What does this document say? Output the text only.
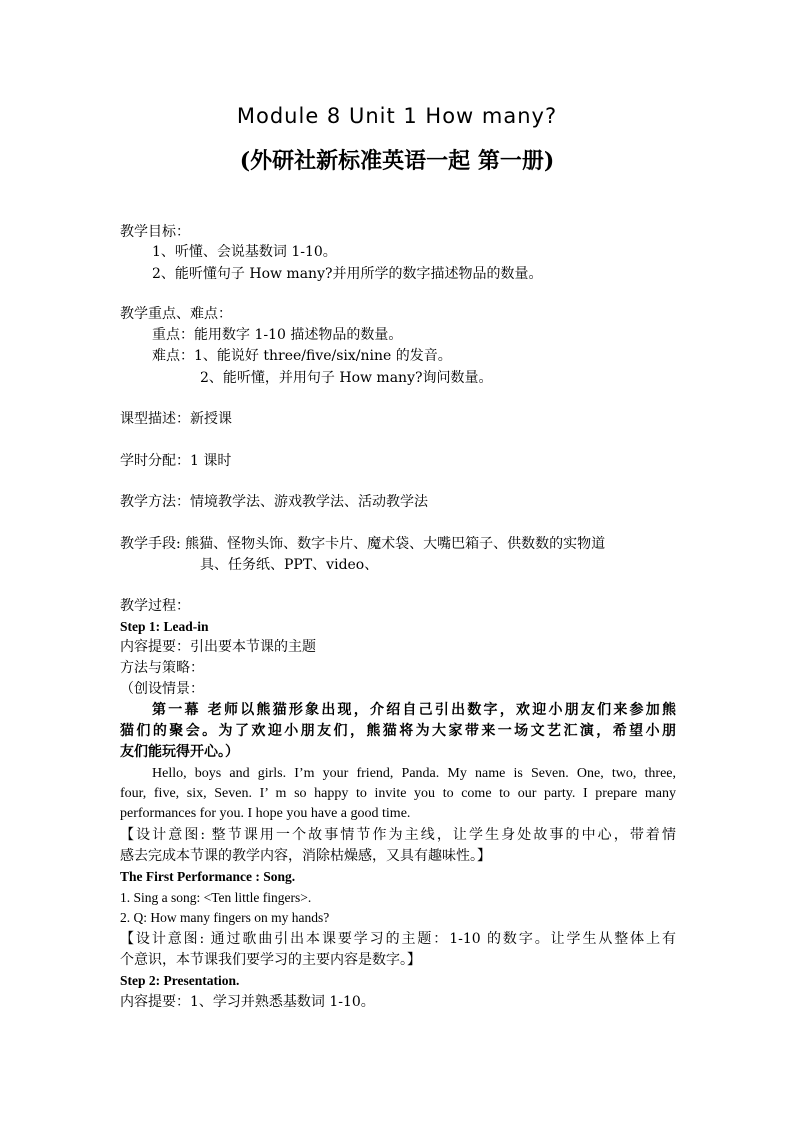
Module 8 Unit 1 How many?
(外研社新标准英语一起 第一册)
教学目标：
1、听懂、会说基数词 1-10。
2、能听懂句子 How many?并用所学的数字描述物品的数量。
教学重点、难点：
重点：能用数字 1-10 描述物品的数量。
难点：1、能说好 three/five/six/nine 的发音。
2、能听懂，并用句子 How many?询问数量。
课型描述：新授课
学时分配：1 课时
教学方法：情境教学法、游戏教学法、活动教学法
教学手段: 熊猫、怪物头饰、数字卡片、魔术袋、大嘴巴箱子、供数数的实物道
具、任务纸、PPT、video、
教学过程：
Step 1: Lead-in
内容提要：引出要本节课的主题
方法与策略：
（创设情景：
第一幕 老师以熊猫形象出现，介绍自己引出数字，欢迎小朋友们来参加熊
猫们的聚会。为了欢迎小朋友们，熊猫将为大家带来一场文艺汇演，希望小朋
友们能玩得开心。）
Hello, boys and girls. I’m your friend, Panda. My name is Seven. One, two, three,
four, five, six, Seven. I’ m so happy to invite you to come to our party. I prepare many
performances for you. I hope you have a good time.
【设计意图: 整节课用一个故事情节作为主线，让学生身处故事的中心，带着情
感去完成本节课的教学内容，消除枯燥感，又具有趣味性。】
The First Performance : Song.
1. Sing a song: <Ten little fingers>.
2. Q: How many fingers on my hands?
【设计意图: 通过歌曲引出本课要学习的主题：1-10 的数字。让学生从整体上有
个意识，本节课我们要学习的主要内容是数字。】
Step 2: Presentation.
内容提要：1、学习并熟悉基数词 1-10。
